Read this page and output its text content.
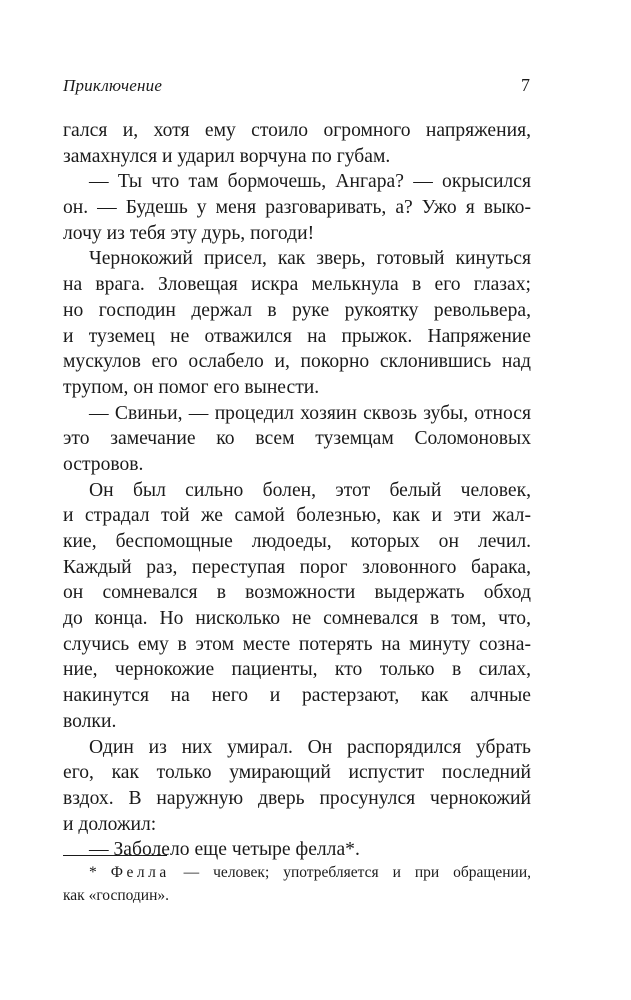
Приключение	7
гался и, хотя ему стоило огромного напряжения,
замахнулся и ударил ворчуна по губам.
— Ты что там бормочешь, Ангара? — окрысился
он. — Будешь у меня разговаривать, а? Ужо я выко-
лочу из тебя эту дурь, погоди!
Чернокожий присел, как зверь, готовый кинуться
на врага. Зловещая искра мелькнула в его глазах;
но господин держал в руке рукоятку револьвера,
и туземец не отважился на прыжок. Напряжение
мускулов его ослабело и, покорно склонившись над
трупом, он помог его вынести.
— Свиньи, — процедил хозяин сквозь зубы, относя
это замечание ко всем туземцам Соломоновых
островов.
Он был сильно болен, этот белый человек,
и страдал той же самой болезнью, как и эти жал-
кие, беспомощные людоеды, которых он лечил.
Каждый раз, переступая порог зловонного барака,
он сомневался в возможности выдержать обход
до конца. Но нисколько не сомневался в том, что,
случись ему в этом месте потерять на минуту созна-
ние, чернокожие пациенты, кто только в силах,
накинутся на него и растерзают, как алчные
волки.
Один из них умирал. Он распорядился убрать
его, как только умирающий испустит последний
вздох. В наружную дверь просунулся чернокожий
и доложил:
— Заболело еще четыре фелла*.
* Фелла — человек; употребляется и при обращении,
как «господин».
